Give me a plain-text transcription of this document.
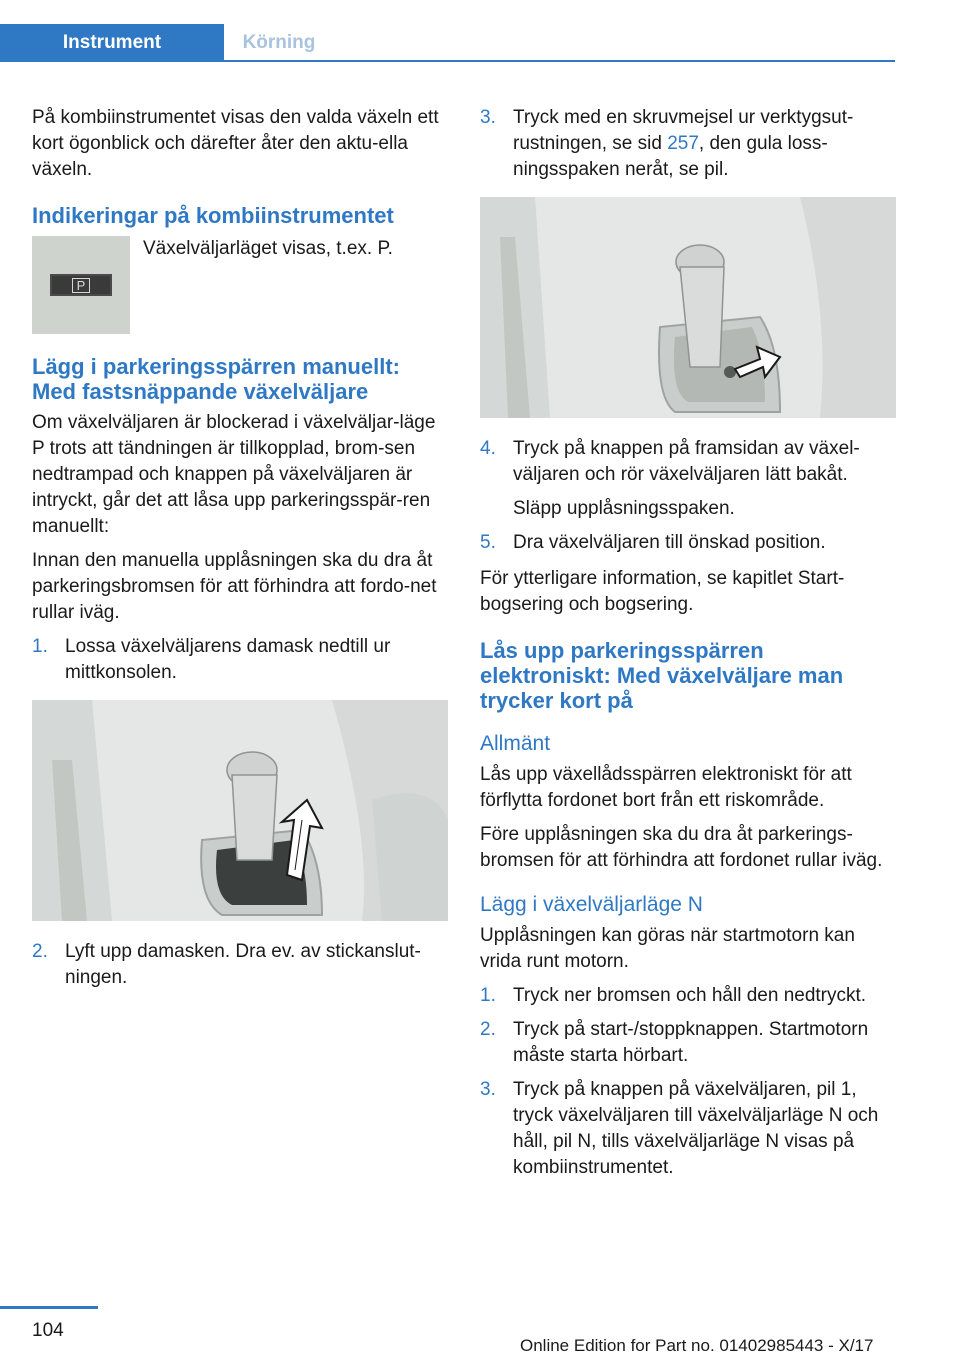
Instrument	Körning

På kombiinstrumentet visas den valda växeln ett kort ögonblick och därefter åter den aktu-ella växeln.

Indikeringar på kombiinstrumentet
P
Växelväljarläget visas, t.ex. P.
Lägg i parkeringsspärren manuellt: Med fastsnäppande växelväljare

Om växelväljaren är blockerad i växelväljar-läge P trots att tändningen är tillkopplad, brom-sen nedtrampad och knappen på växelväljaren är intryckt, går det att låsa upp parkeringsspär-ren manuellt:

Innan den manuella upplåsningen ska du dra åt parkeringsbromsen för att förhindra att fordo-net rullar iväg.

1. Lossa växelväljarens damask nedtill ur mittkonsolen.
2. Lyft upp damasken. Dra ev. av stickanslut-ningen.
3. Tryck med en skruvmejsel ur verktygsut-rustningen, se sid 257, den gula loss-ningsspaken neråt, se pil.
4. Tryck på knappen på framsidan av växel-väljaren och rör växelväljaren lätt bakåt.
Släpp upplåsningsspaken.
5. Dra växelväljaren till önskad position.

För ytterligare information, se kapitlet Start-bogsering och bogsering.

Lås upp parkeringsspärren elektroniskt: Med växelväljare man trycker kort på
Allmänt

Lås upp växellådsspärren elektroniskt för att förflytta fordonet bort från ett riskområde.

Före upplåsningen ska du dra åt parkerings-bromsen för att förhindra att fordonet rullar iväg.

Lägg i växelväljarläge N

Upplåsningen kan göras när startmotorn kan vrida runt motorn.

1. Tryck ner bromsen och håll den nedtryckt.
2. Tryck på start-/stoppknappen. Startmotorn måste starta hörbart.
3. Tryck på knappen på växelväljaren, pil 1, tryck växelväljaren till växelväljarläge N och håll, pil N, tills växelväljarläge N visas på kombiinstrumentet.
104
Online Edition for Part no. 01402985443 - X/17
